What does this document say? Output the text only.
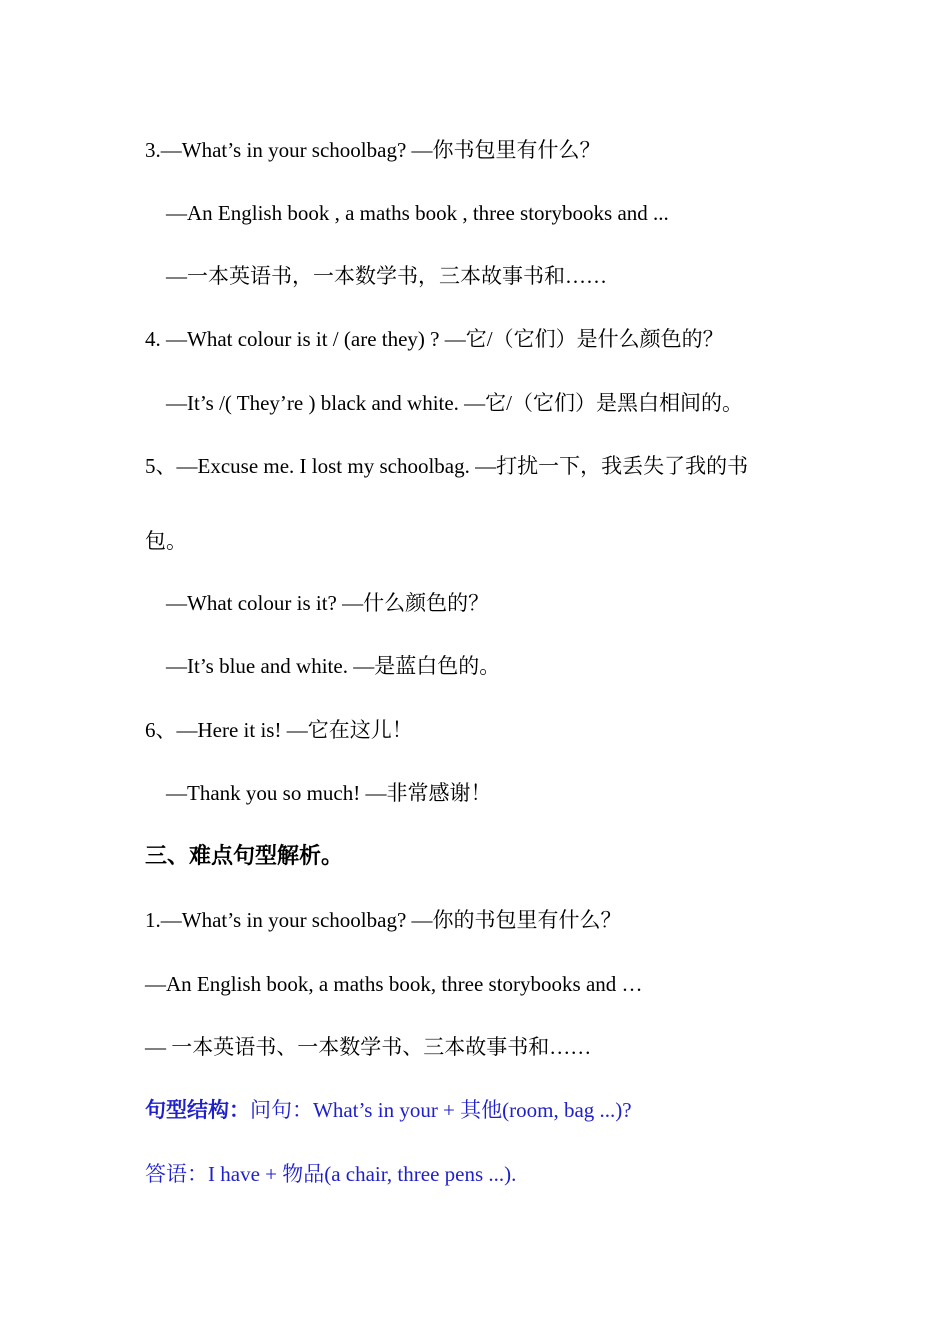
3.—What’s in your schoolbag? —你书包里有什么？
—An English book , a maths book , three storybooks and ...
—一本英语书，一本数学书，三本故事书和……
4. —What colour is it / (are they) ? —它/（它们）是什么颜色的？
—It’s /( They’re ) black and white. —它/（它们）是黑白相间的。
5、—Excuse me. I lost my schoolbag. —打扰一下，我丢失了我的书
包。
—What colour is it? —什么颜色的？
—It’s blue and white. —是蓝白色的。
6、—Here it is! —它在这儿！
—Thank you so much! —非常感谢！
三、难点句型解析。
1.—What’s in your schoolbag? —你的书包里有什么？
—An English book, a maths book, three storybooks and …
— 一本英语书、一本数学书、三本故事书和……
句型结构：问句：What’s in your + 其他(room, bag ...)?
答语：I have + 物品(a chair, three pens ...).
